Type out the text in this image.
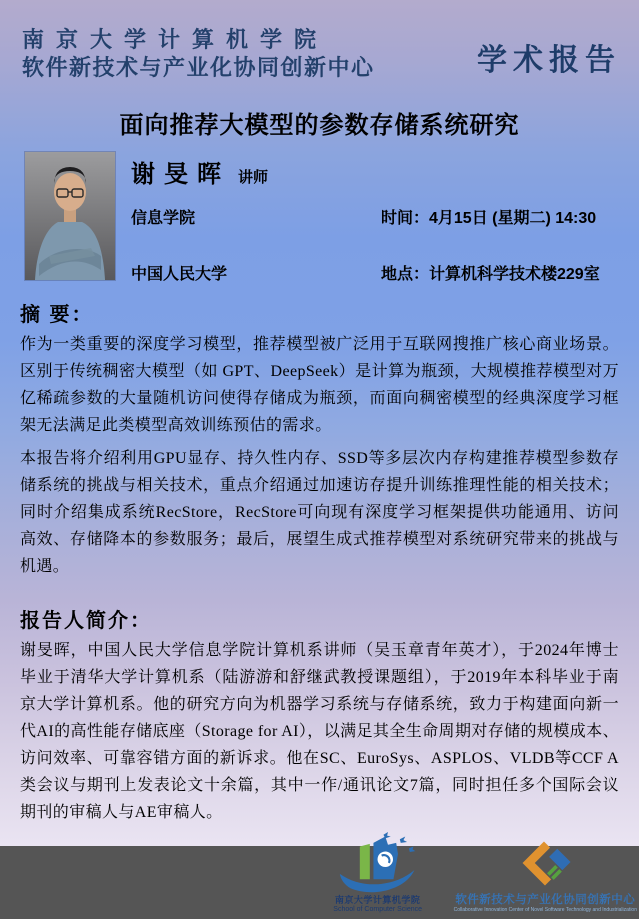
南京大学计算机学院
软件新技术与产业化协同创新中心	学术报告
面向推荐大模型的参数存储系统研究
谢旻晖 讲师
信息学院	时间：4月15日 (星期二) 14:30
中国人民大学	地点：计算机科学技术楼229室
摘 要：

作为一类重要的深度学习模型，推荐模型被广泛用于互联网搜推广核心商业场景。区别于传统稠密大模型（如 GPT、DeepSeek）是计算为瓶颈，大规模推荐模型对万亿稀疏参数的大量随机访问使得存储成为瓶颈，而面向稠密模型的经典深度学习框架无法满足此类模型高效训练预估的需求。

本报告将介绍利用GPU显存、持久性内存、SSD等多层次内存构建推荐模型参数存储系统的挑战与相关技术，重点介绍通过加速访存提升训练推理性能的相关技术；同时介绍集成系统RecStore，RecStore可向现有深度学习框架提供功能通用、访问高效、存储降本的参数服务；最后，展望生成式推荐模型对系统研究带来的挑战与机遇。

报告人简介：

谢旻晖，中国人民大学信息学院计算机系讲师（吴玉章青年英才），于2024年博士毕业于清华大学计算机系（陆游游和舒继武教授课题组），于2019年本科毕业于南京大学计算机系。他的研究方向为机器学习系统与存储系统，致力于构建面向新一代AI的高性能存储底座（Storage for AI），以满足其全生命周期对存储的规模成本、访问效率、可靠容错方面的新诉求。他在SC、EuroSys、ASPLOS、VLDB等CCF A类会议与期刊上发表论文十余篇，其中一作/通讯论文7篇，同时担任多个国际会议期刊的审稿人与AE审稿人。

南京大学计算机学院
School of Computer Science
软件新技术与产业化协同创新中心
Collaborative Innovation Center of Novel Software Technology and Industrialization
